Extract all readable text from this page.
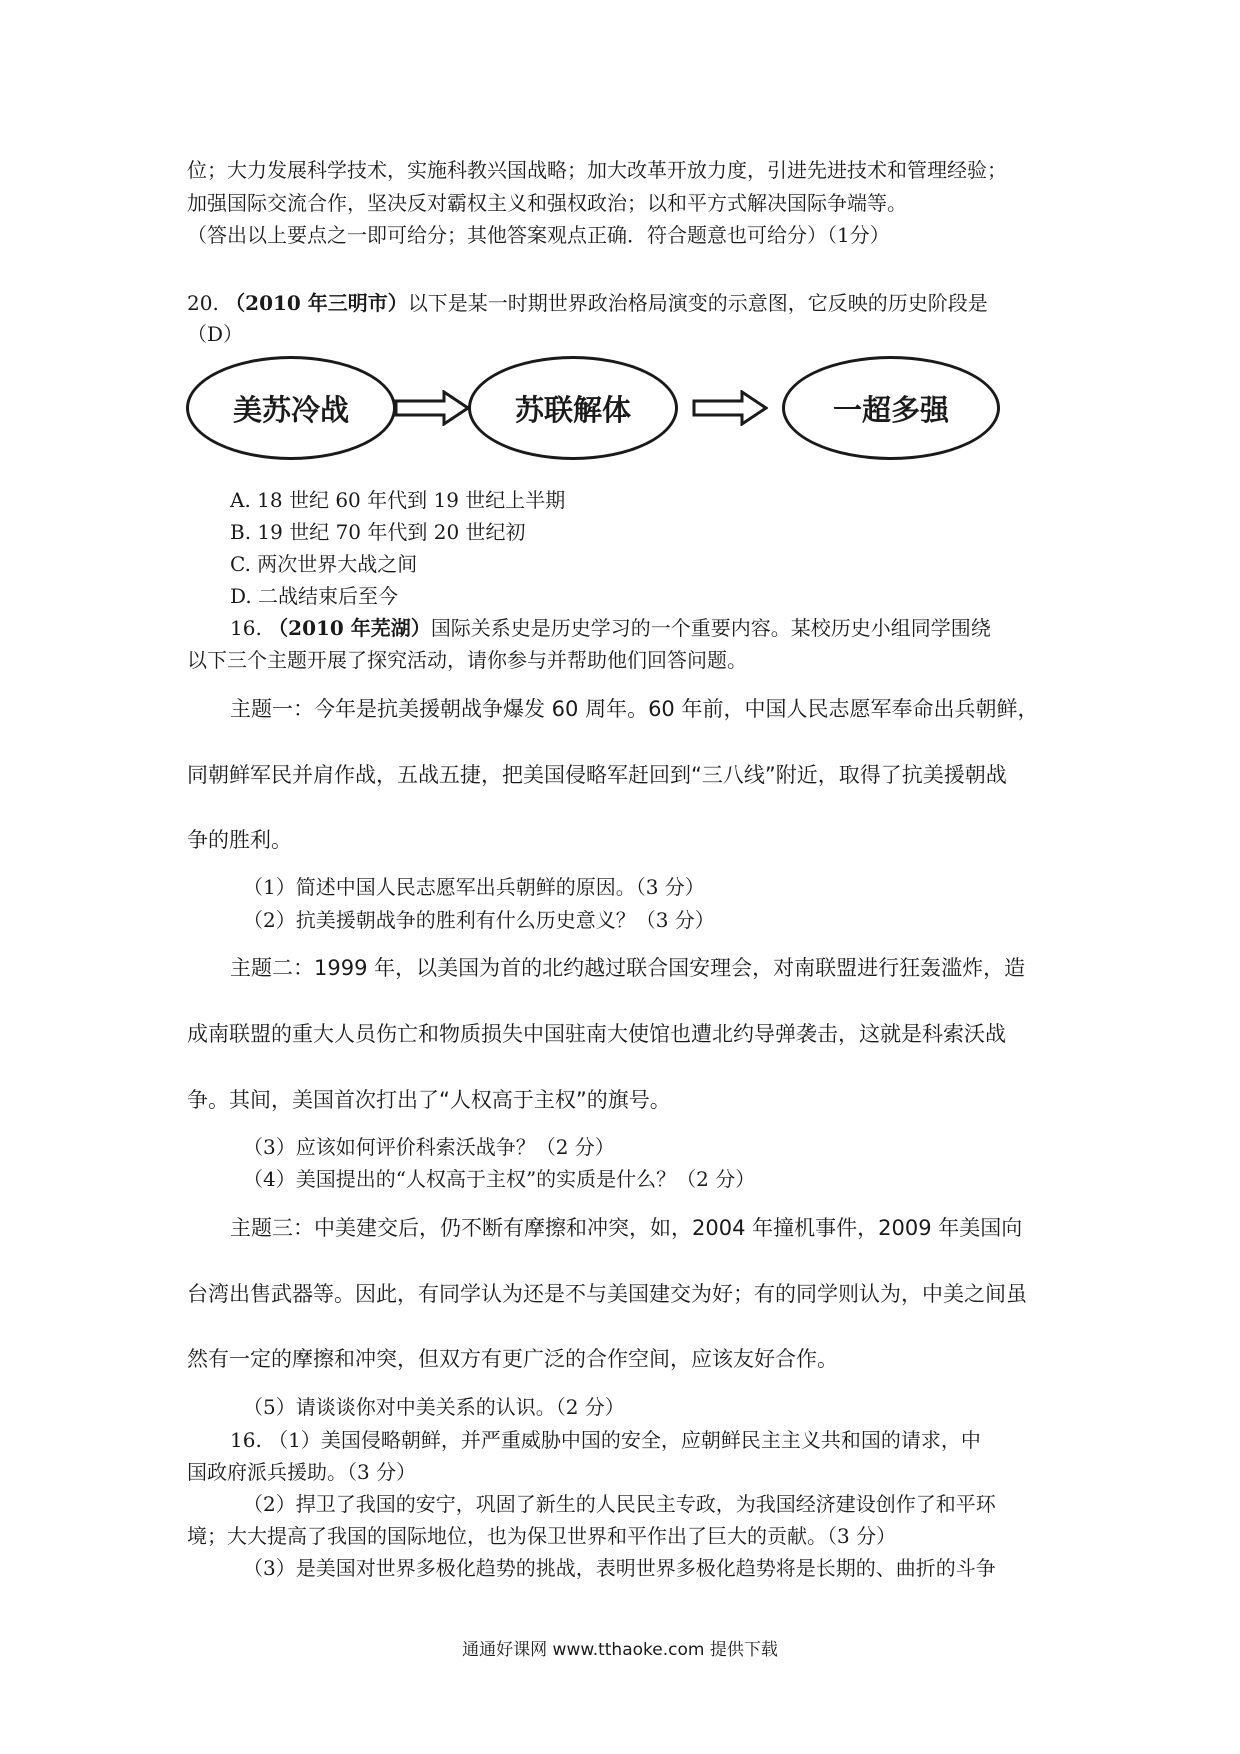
位；大力发展科学技术，实施科教兴国战略；加大改革开放力度，引进先进技术和管理经验；
加强国际交流合作，坚决反对霸权主义和强权政治；以和平方式解决国际争端等。
（答出以上要点之一即可给分；其他答案观点正确．符合题意也可给分）（1分）
20. （2010 年三明市）以下是某一时期世界政治格局演变的示意图，它反映的历史阶段是
（D）
美苏冷战	苏联解体	一超多强
A. 18 世纪 60 年代到 19 世纪上半期
B. 19 世纪 70 年代到 20 世纪初
C. 两次世界大战之间
D. 二战结束后至今
16. （2010 年芜湖）国际关系史是历史学习的一个重要内容。某校历史小组同学围绕
以下三个主题开展了探究活动，请你参与并帮助他们回答问题。
主题一：今年是抗美援朝战争爆发 60 周年。60 年前，中国人民志愿军奉命出兵朝鲜，
同朝鲜军民并肩作战，五战五捷，把美国侵略军赶回到“三八线”附近，取得了抗美援朝战
争的胜利。
（1）简述中国人民志愿军出兵朝鲜的原因。（3 分）
（2）抗美援朝战争的胜利有什么历史意义？（3 分）
主题二：1999 年，以美国为首的北约越过联合国安理会，对南联盟进行狂轰滥炸，造
成南联盟的重大人员伤亡和物质损失中国驻南大使馆也遭北约导弹袭击，这就是科索沃战
争。其间，美国首次打出了“人权高于主权”的旗号。
（3）应该如何评价科索沃战争？（2 分）
（4）美国提出的“人权高于主权”的实质是什么？（2 分）
主题三：中美建交后，仍不断有摩擦和冲突，如，2004 年撞机事件，2009 年美国向
台湾出售武器等。因此，有同学认为还是不与美国建交为好；有的同学则认为，中美之间虽
然有一定的摩擦和冲突，但双方有更广泛的合作空间，应该友好合作。
（5）请谈谈你对中美关系的认识。（2 分）
16. （1）美国侵略朝鲜，并严重威胁中国的安全，应朝鲜民主主义共和国的请求，中
国政府派兵援助。（3 分）
（2）捍卫了我国的安宁，巩固了新生的人民民主专政，为我国经济建设创作了和平环
境；大大提高了我国的国际地位，也为保卫世界和平作出了巨大的贡献。（3 分）
（3）是美国对世界多极化趋势的挑战，表明世界多极化趋势将是长期的、曲折的斗争
通通好课网 www.tthaoke.com 提供下载
